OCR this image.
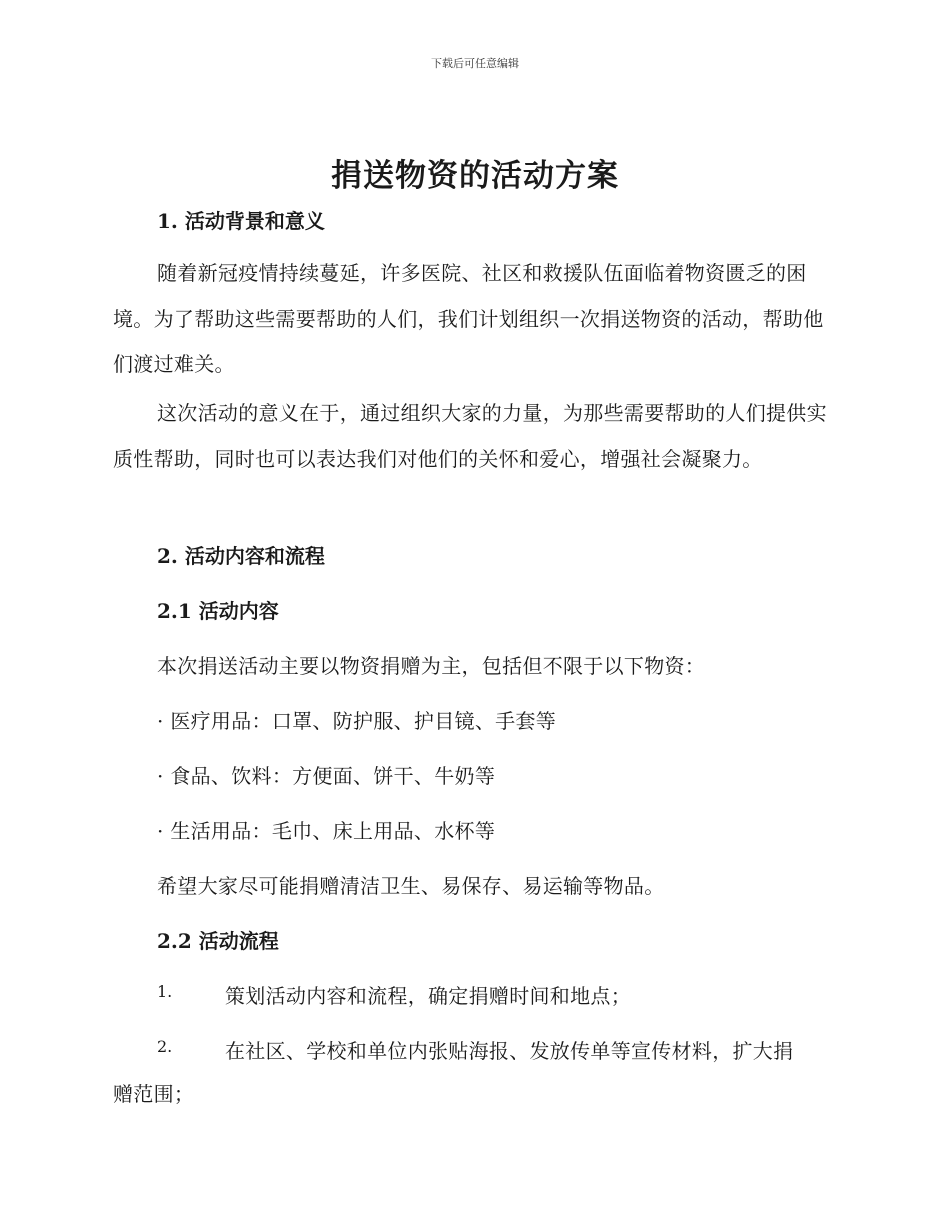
下载后可任意编辑
捐送物资的活动方案
1. 活动背景和意义
随着新冠疫情持续蔓延，许多医院、社区和救援队伍面临着物资匮乏的困境。为了帮助这些需要帮助的人们，我们计划组织一次捐送物资的活动，帮助他们渡过难关。
这次活动的意义在于，通过组织大家的力量，为那些需要帮助的人们提供实质性帮助，同时也可以表达我们对他们的关怀和爱心，增强社会凝聚力。
2. 活动内容和流程
2.1 活动内容
本次捐送活动主要以物资捐赠为主，包括但不限于以下物资：
· 医疗用品：口罩、防护服、护目镜、手套等
· 食品、饮料：方便面、饼干、牛奶等
· 生活用品：毛巾、床上用品、水杯等
希望大家尽可能捐赠清洁卫生、易保存、易运输等物品。
2.2 活动流程
1.	策划活动内容和流程，确定捐赠时间和地点；
2.	在社区、学校和单位内张贴海报、发放传单等宣传材料，扩大捐
赠范围；
